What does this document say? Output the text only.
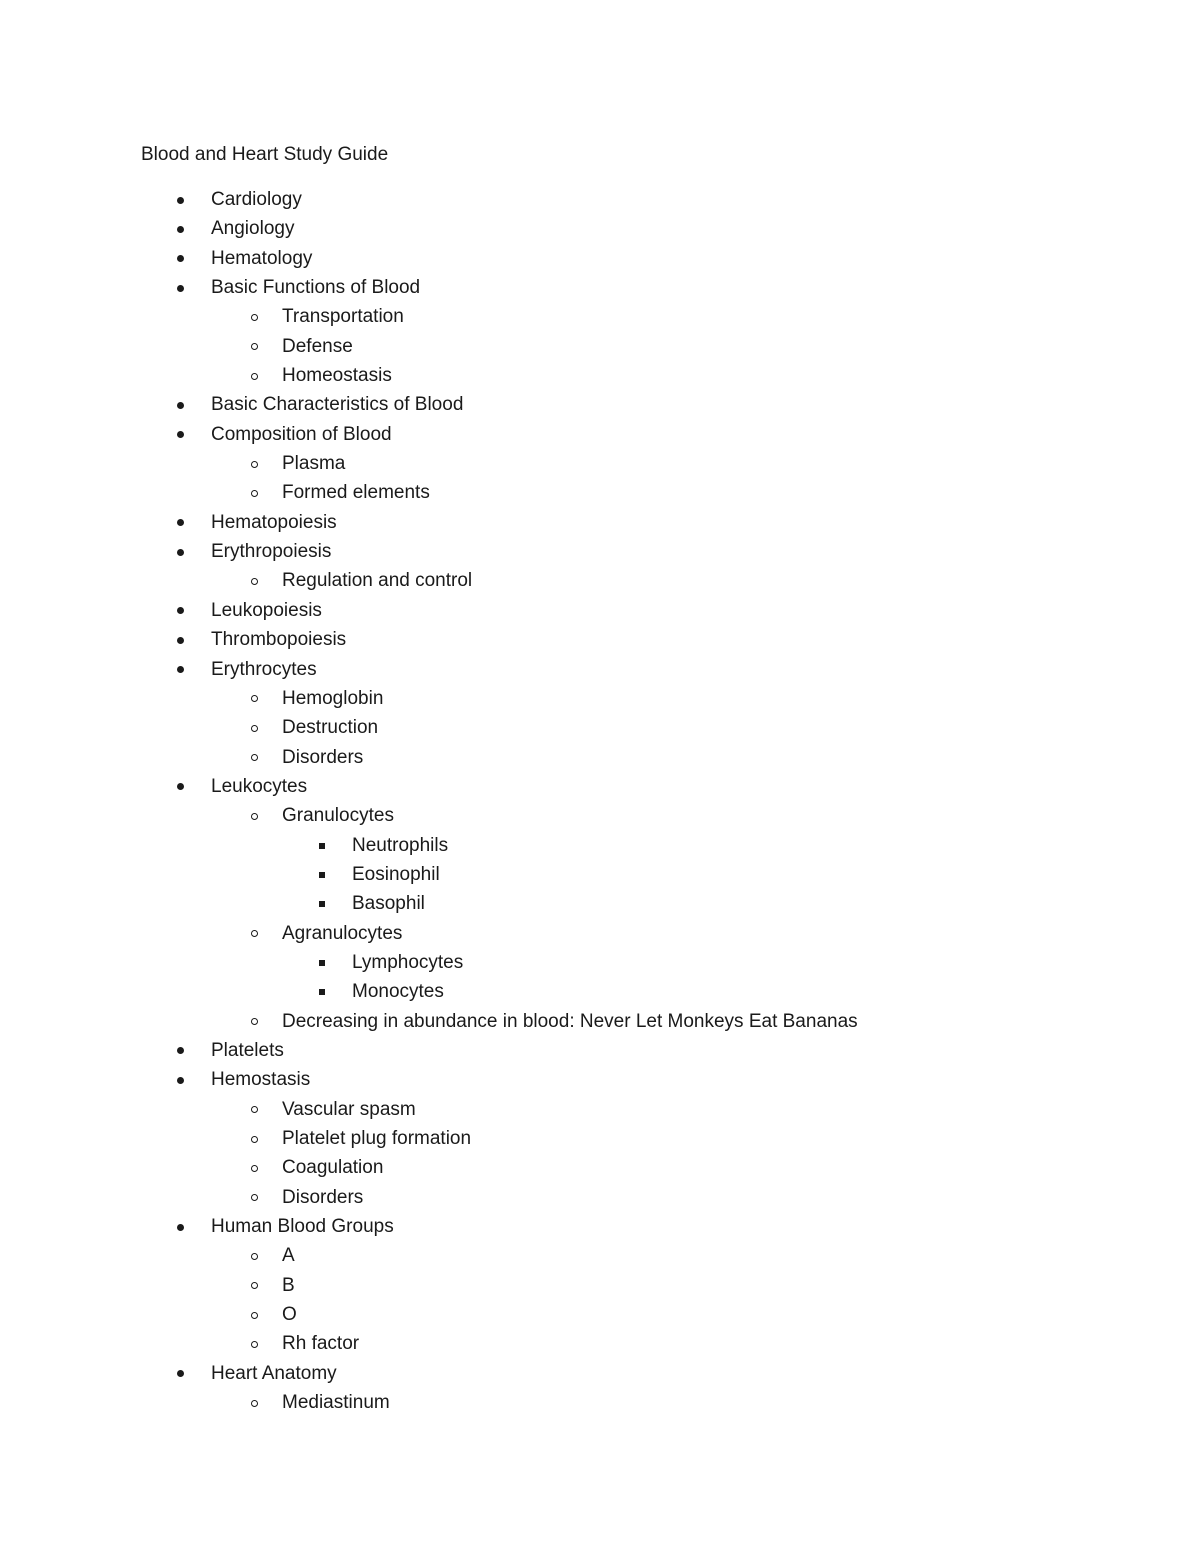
Blood and Heart Study Guide
Cardiology
Angiology
Hematology
Basic Functions of Blood
Transportation
Defense
Homeostasis
Basic Characteristics of Blood
Composition of Blood
Plasma
Formed elements
Hematopoiesis
Erythropoiesis
Regulation and control
Leukopoiesis
Thrombopoiesis
Erythrocytes
Hemoglobin
Destruction
Disorders
Leukocytes
Granulocytes
Neutrophils
Eosinophil
Basophil
Agranulocytes
Lymphocytes
Monocytes
Decreasing in abundance in blood: Never Let Monkeys Eat Bananas
Platelets
Hemostasis
Vascular spasm
Platelet plug formation
Coagulation
Disorders
Human Blood Groups
A
B
O
Rh factor
Heart Anatomy
Mediastinum
